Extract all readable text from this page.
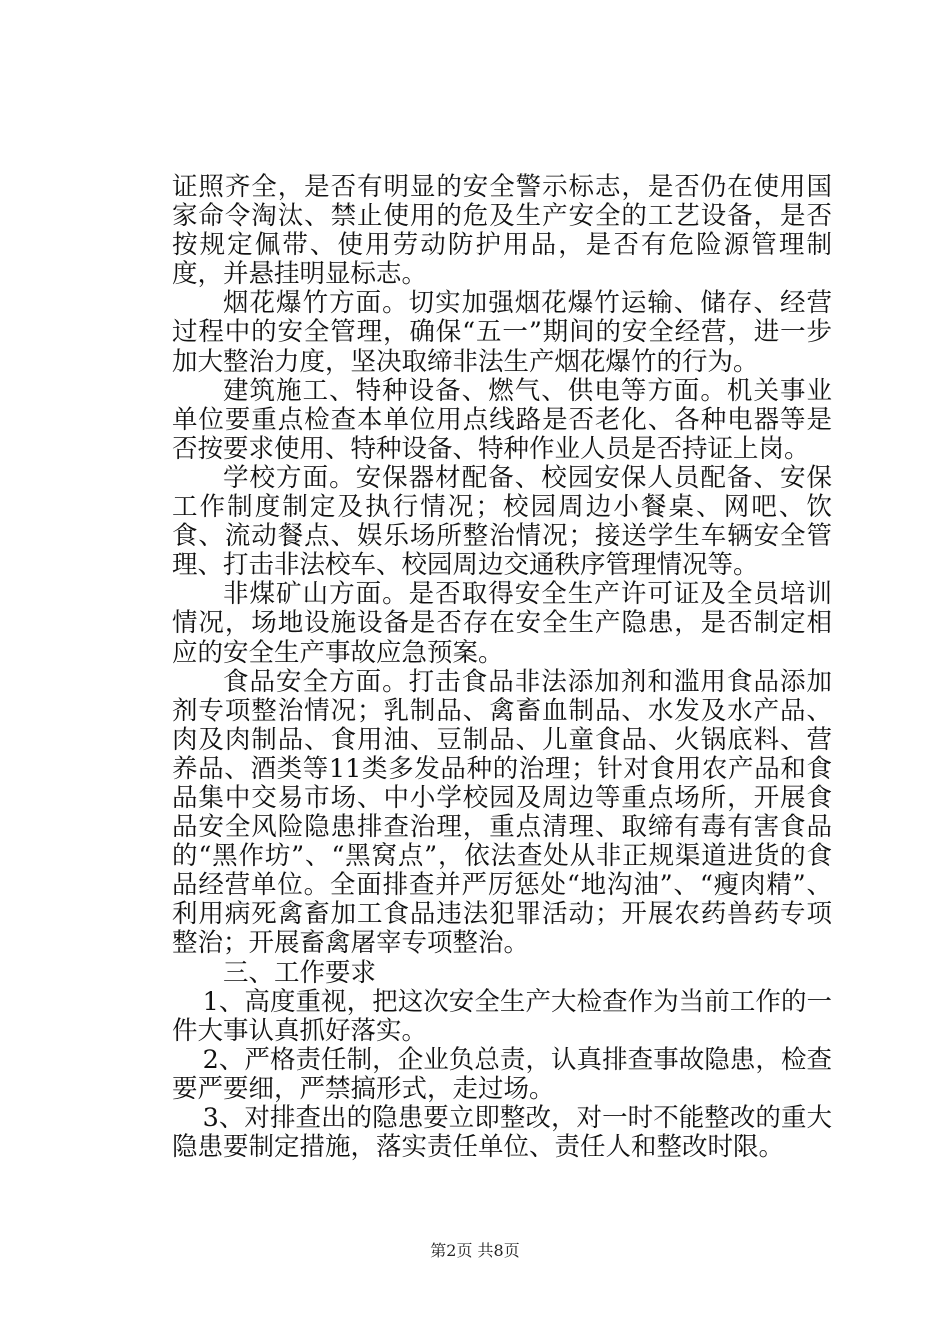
证照齐全，是否有明显的安全警示标志，是否仍在使用国家命令淘汰、禁止使用的危及生产安全的工艺设备，是否按规定佩带、使用劳动防护用品，是否有危险源管理制度，并悬挂明显标志。

烟花爆竹方面。切实加强烟花爆竹运输、储存、经营过程中的安全管理，确保“五一”期间的安全经营，进一步加大整治力度，坚决取缔非法生产烟花爆竹的行为。

建筑施工、特种设备、燃气、供电等方面。机关事业单位要重点检查本单位用点线路是否老化、各种电器等是否按要求使用、特种设备、特种作业人员是否持证上岗。

学校方面。安保器材配备、校园安保人员配备、安保工作制度制定及执行情况；校园周边小餐桌、网吧、饮食、流动餐点、娱乐场所整治情况；接送学生车辆安全管理、打击非法校车、校园周边交通秩序管理情况等。

非煤矿山方面。是否取得安全生产许可证及全员培训情况，场地设施设备是否存在安全生产隐患，是否制定相应的安全生产事故应急预案。

食品安全方面。打击食品非法添加剂和滥用食品添加剂专项整治情况；乳制品、禽畜血制品、水发及水产品、肉及肉制品、食用油、豆制品、儿童食品、火锅底料、营养品、酒类等11类多发品种的治理；针对食用农产品和食品集中交易市场、中小学校园及周边等重点场所，开展食品安全风险隐患排查治理，重点清理、取缔有毒有害食品的“黑作坊”、“黑窝点”，依法查处从非正规渠道进货的食品经营单位。全面排查并严厉惩处“地沟油”、“瘦肉精”、利用病死禽畜加工食品违法犯罪活动；开展农药兽药专项整治；开展畜禽屠宰专项整治。

三、工作要求

1、高度重视，把这次安全生产大检查作为当前工作的一件大事认真抓好落实。

2、严格责任制，企业负总责，认真排查事故隐患，检查要严要细，严禁搞形式，走过场。

3、对排查出的隐患要立即整改，对一时不能整改的重大隐患要制定措施，落实责任单位、责任人和整改时限。

第2页 共8页
